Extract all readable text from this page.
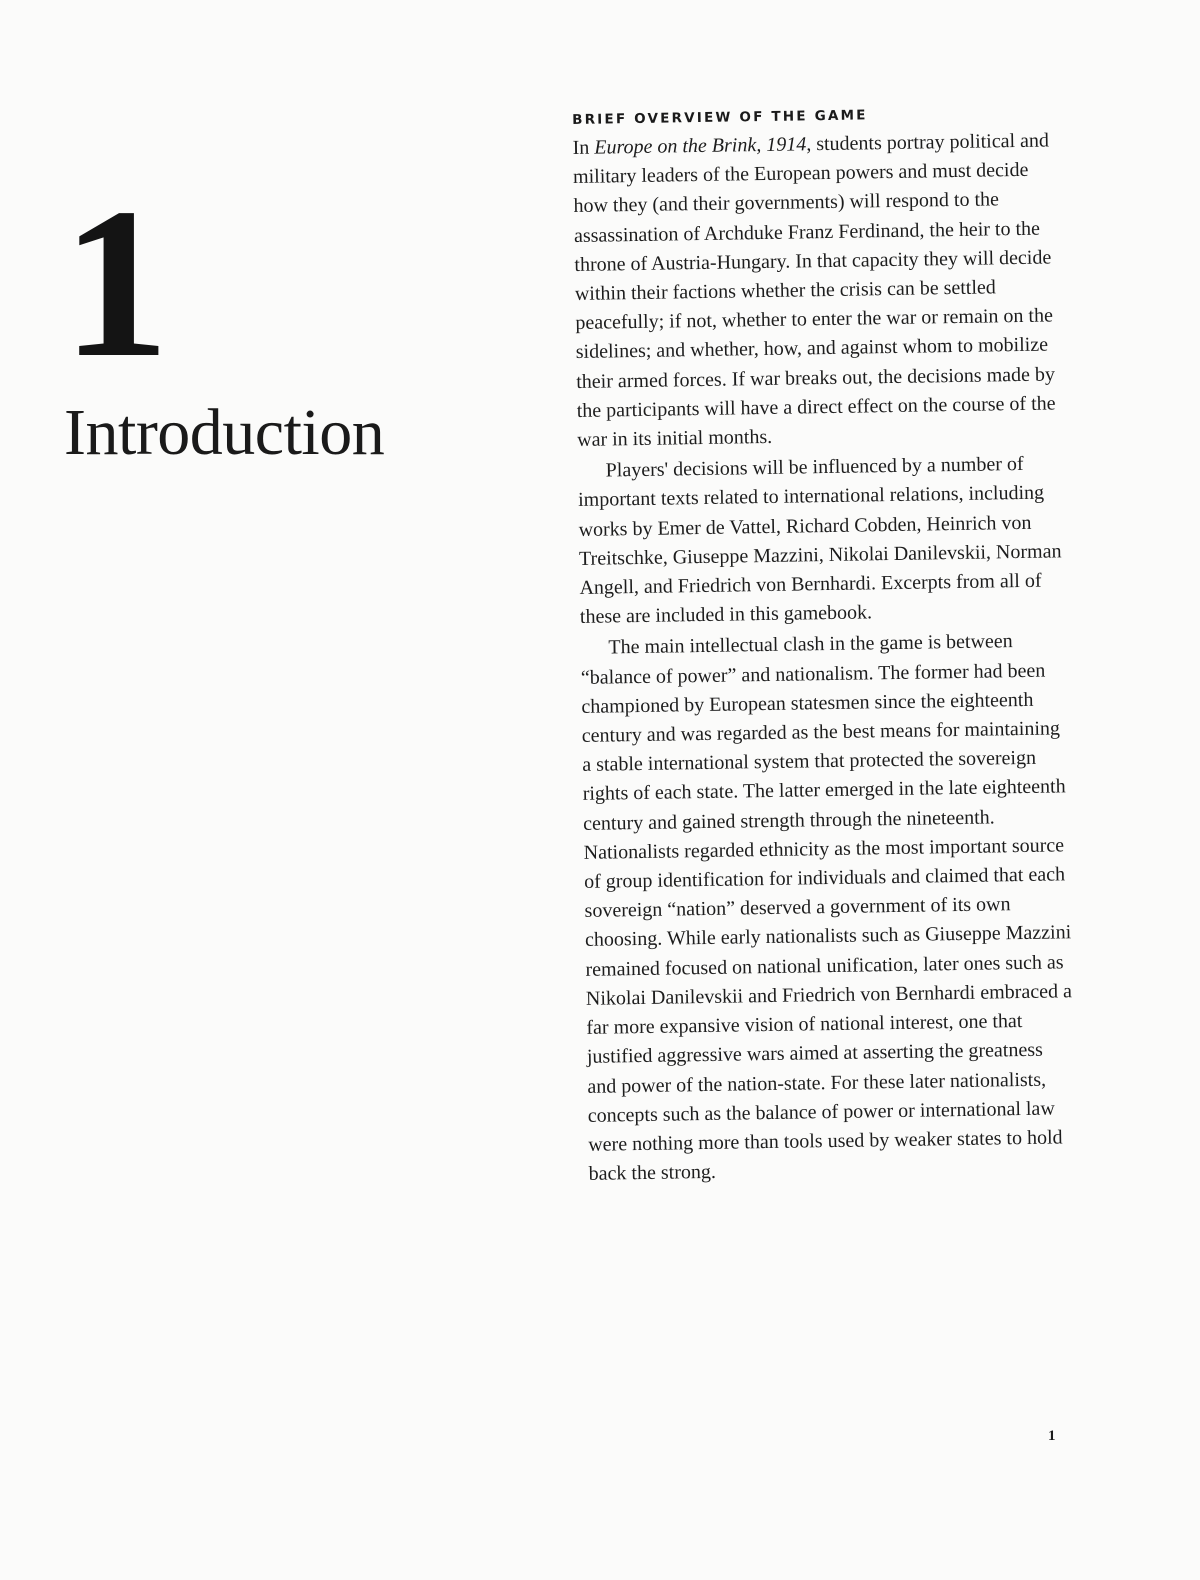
1
Introduction
BRIEF OVERVIEW OF THE GAME

In Europe on the Brink, 1914, students portray political and military leaders of the European powers and must decide how they (and their governments) will respond to the assassination of Archduke Franz Ferdinand, the heir to the throne of Austria-Hungary. In that capacity they will decide within their factions whether the crisis can be settled peacefully; if not, whether to enter the war or remain on the sidelines; and whether, how, and against whom to mobilize their armed forces. If war breaks out, the decisions made by the participants will have a direct effect on the course of the war in its initial months.

Players' decisions will be influenced by a number of important texts related to international relations, including works by Emer de Vattel, Richard Cobden, Heinrich von Treitschke, Giuseppe Mazzini, Nikolai Danilevskii, Norman Angell, and Friedrich von Bernhardi. Excerpts from all of these are included in this gamebook.

The main intellectual clash in the game is between “balance of power” and nationalism. The former had been championed by European statesmen since the eighteenth century and was regarded as the best means for maintaining a stable international system that protected the sovereign rights of each state. The latter emerged in the late eighteenth century and gained strength through the nineteenth. Nationalists regarded ethnicity as the most important source of group identification for individuals and claimed that each sovereign “nation” deserved a government of its own choosing. While early nationalists such as Giuseppe Mazzini remained focused on national unification, later ones such as Nikolai Danilevskii and Friedrich von Bernhardi embraced a far more expansive vision of national interest, one that justified aggressive wars aimed at asserting the greatness and power of the nation-state. For these later nationalists, concepts such as the balance of power or international law were nothing more than tools used by weaker states to hold back the strong.

1
